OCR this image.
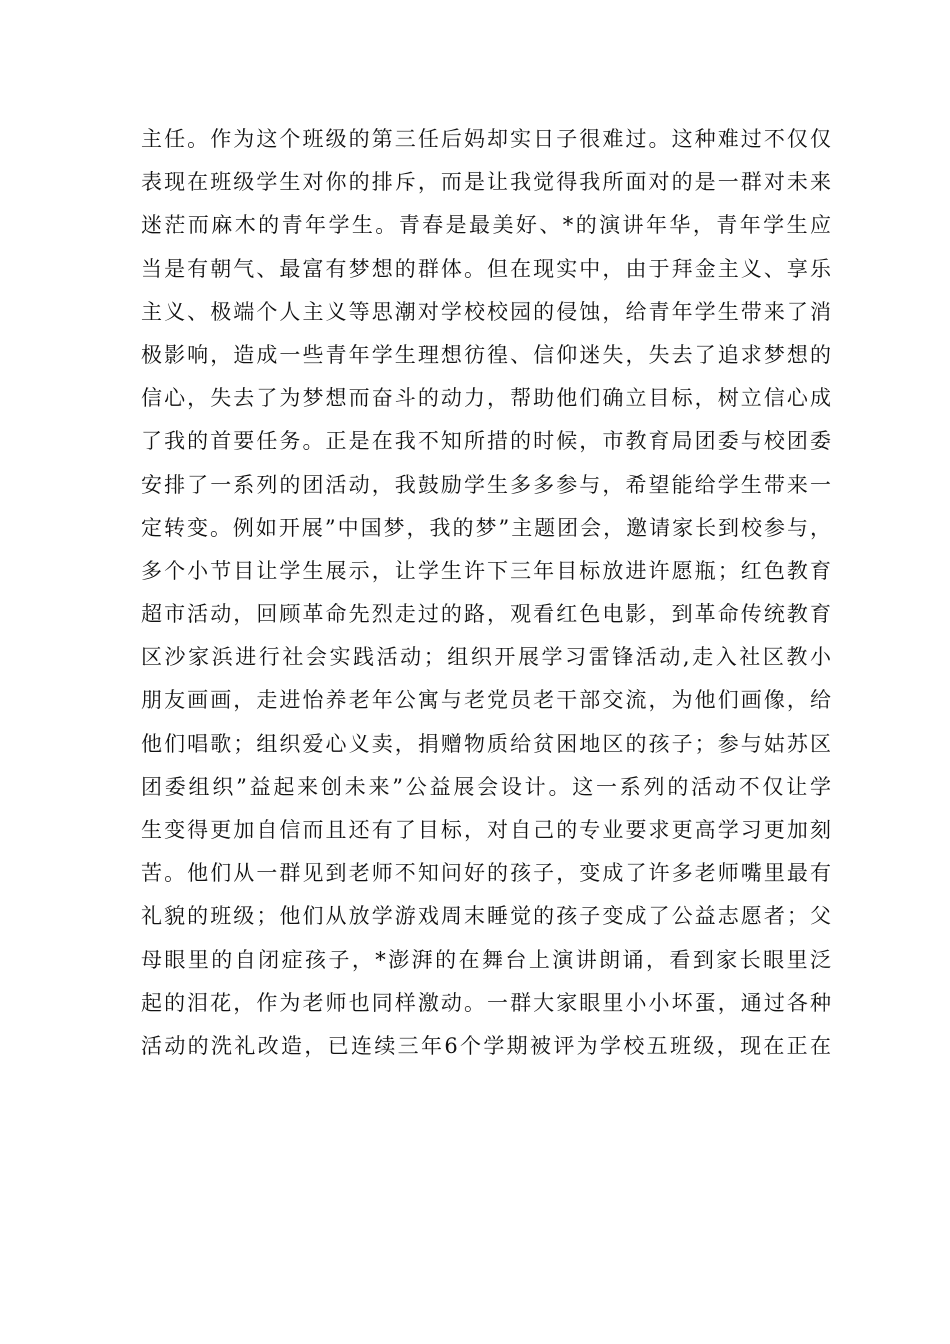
主任。作为这个班级的第三任后妈却实日子很难过。这种难过不仅仅
表现在班级学生对你的排斥，而是让我觉得我所面对的是一群对未来
迷茫而麻木的青年学生。青春是最美好、*的演讲年华，青年学生应
当是有朝气、最富有梦想的群体。但在现实中，由于拜金主义、享乐
主义、极端个人主义等思潮对学校校园的侵蚀，给青年学生带来了消
极影响，造成一些青年学生理想彷徨、信仰迷失，失去了追求梦想的
信心，失去了为梦想而奋斗的动力，帮助他们确立目标，树立信心成
了我的首要任务。正是在我不知所措的时候，市教育局团委与校团委
安排了一系列的团活动，我鼓励学生多多参与，希望能给学生带来一
定转变。例如开展”中国梦，我的梦”主题团会，邀请家长到校参与，
多个小节目让学生展示，让学生许下三年目标放进许愿瓶；红色教育
超市活动，回顾革命先烈走过的路，观看红色电影，到革命传统教育
区沙家浜进行社会实践活动；组织开展学习雷锋活动,走入社区教小
朋友画画，走进怡养老年公寓与老党员老干部交流，为他们画像，给
他们唱歌；组织爱心义卖，捐赠物质给贫困地区的孩子；参与姑苏区
团委组织”益起来创未来”公益展会设计。这一系列的活动不仅让学
生变得更加自信而且还有了目标，对自己的专业要求更高学习更加刻
苦。他们从一群见到老师不知问好的孩子，变成了许多老师嘴里最有
礼貌的班级；他们从放学游戏周末睡觉的孩子变成了公益志愿者；父
母眼里的自闭症孩子，*澎湃的在舞台上演讲朗诵，看到家长眼里泛
起的泪花，作为老师也同样激动。一群大家眼里小小坏蛋，通过各种
活动的洗礼改造，已连续三年6个学期被评为学校五班级，现在正在
